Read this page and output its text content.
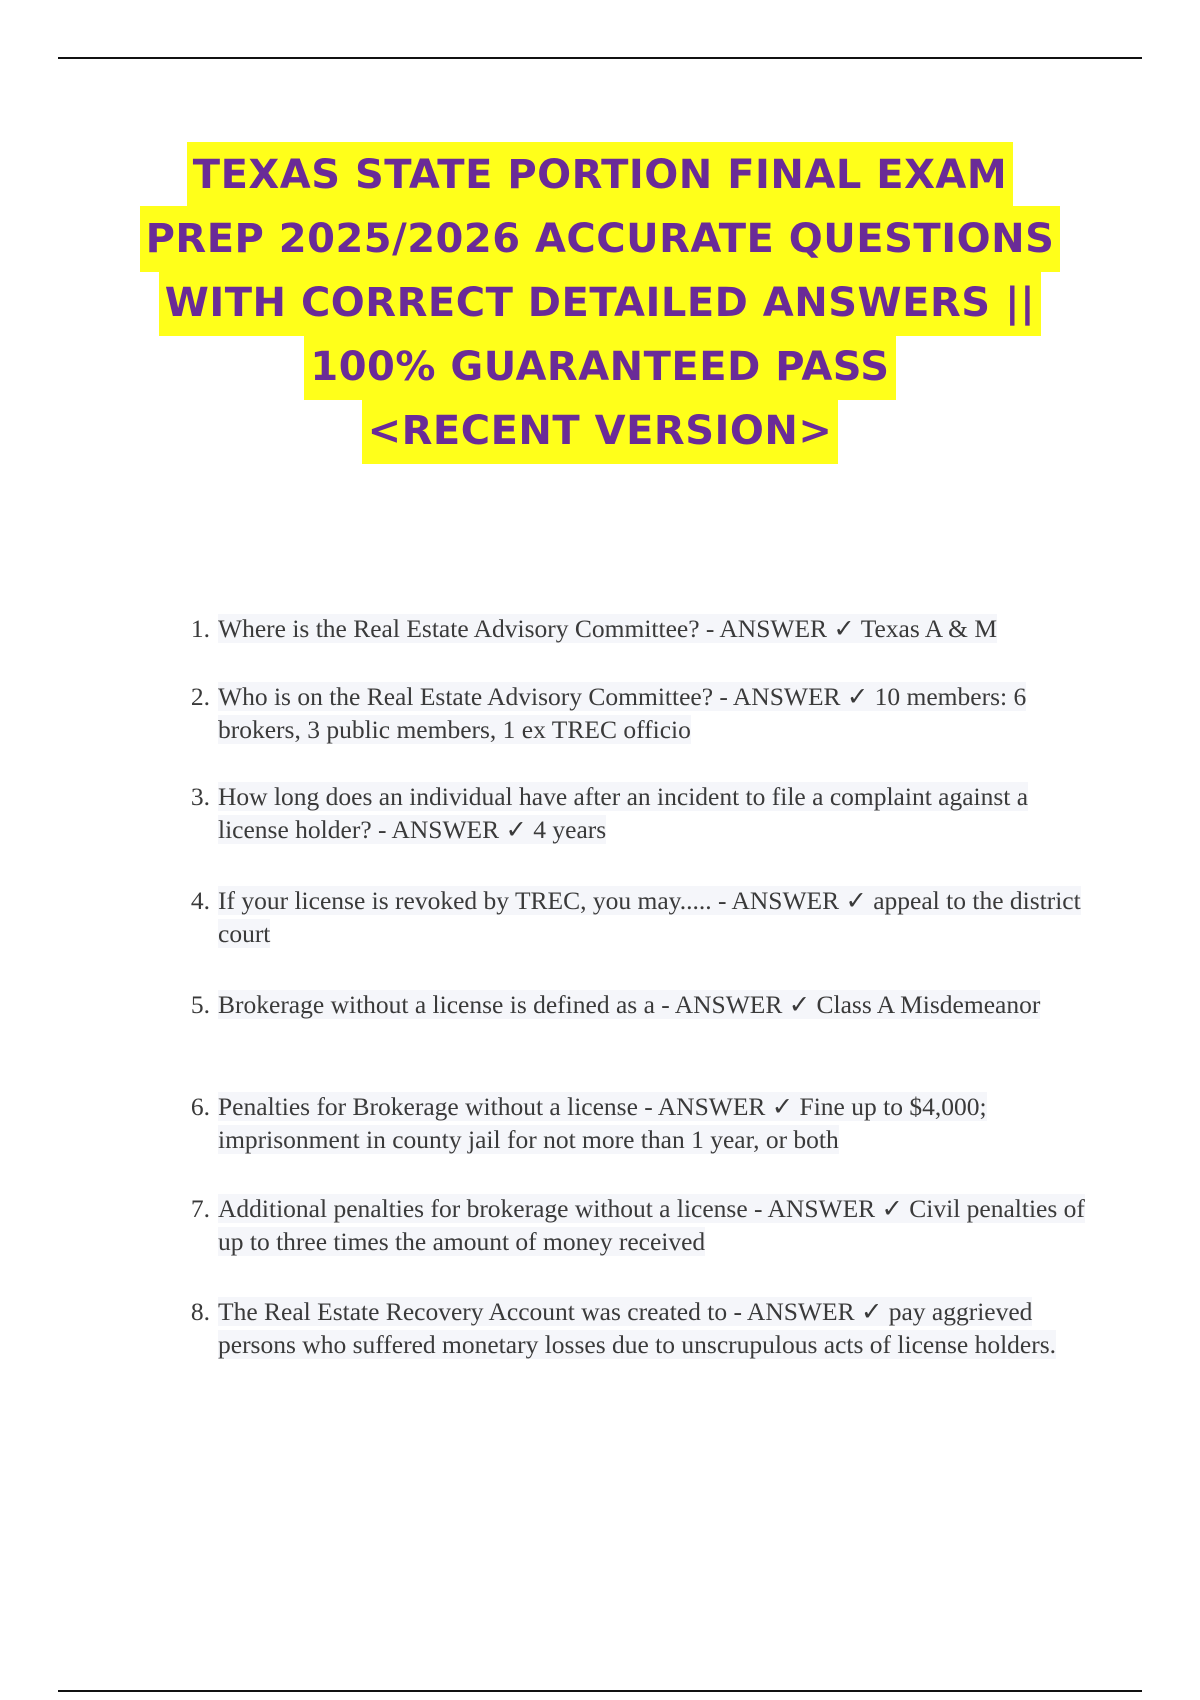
TEXAS STATE PORTION FINAL EXAM
PREP 2025/2026 ACCURATE QUESTIONS
WITH CORRECT DETAILED ANSWERS ||
100% GUARANTEED PASS
<RECENT VERSION>
1. Where is the Real Estate Advisory Committee? - ANSWER ✓ Texas A & M
2. Who is on the Real Estate Advisory Committee? - ANSWER ✓ 10 members: 6 brokers, 3 public members, 1 ex TREC officio
3. How long does an individual have after an incident to file a complaint against a license holder? - ANSWER ✓ 4 years
4. If your license is revoked by TREC, you may..... - ANSWER ✓ appeal to the district court
5. Brokerage without a license is defined as a - ANSWER ✓ Class A Misdemeanor
6. Penalties for Brokerage without a license - ANSWER ✓ Fine up to $4,000; imprisonment in county jail for not more than 1 year, or both
7. Additional penalties for brokerage without a license - ANSWER ✓ Civil penalties of up to three times the amount of money received
8. The Real Estate Recovery Account was created to - ANSWER ✓ pay aggrieved persons who suffered monetary losses due to unscrupulous acts of license holders.
